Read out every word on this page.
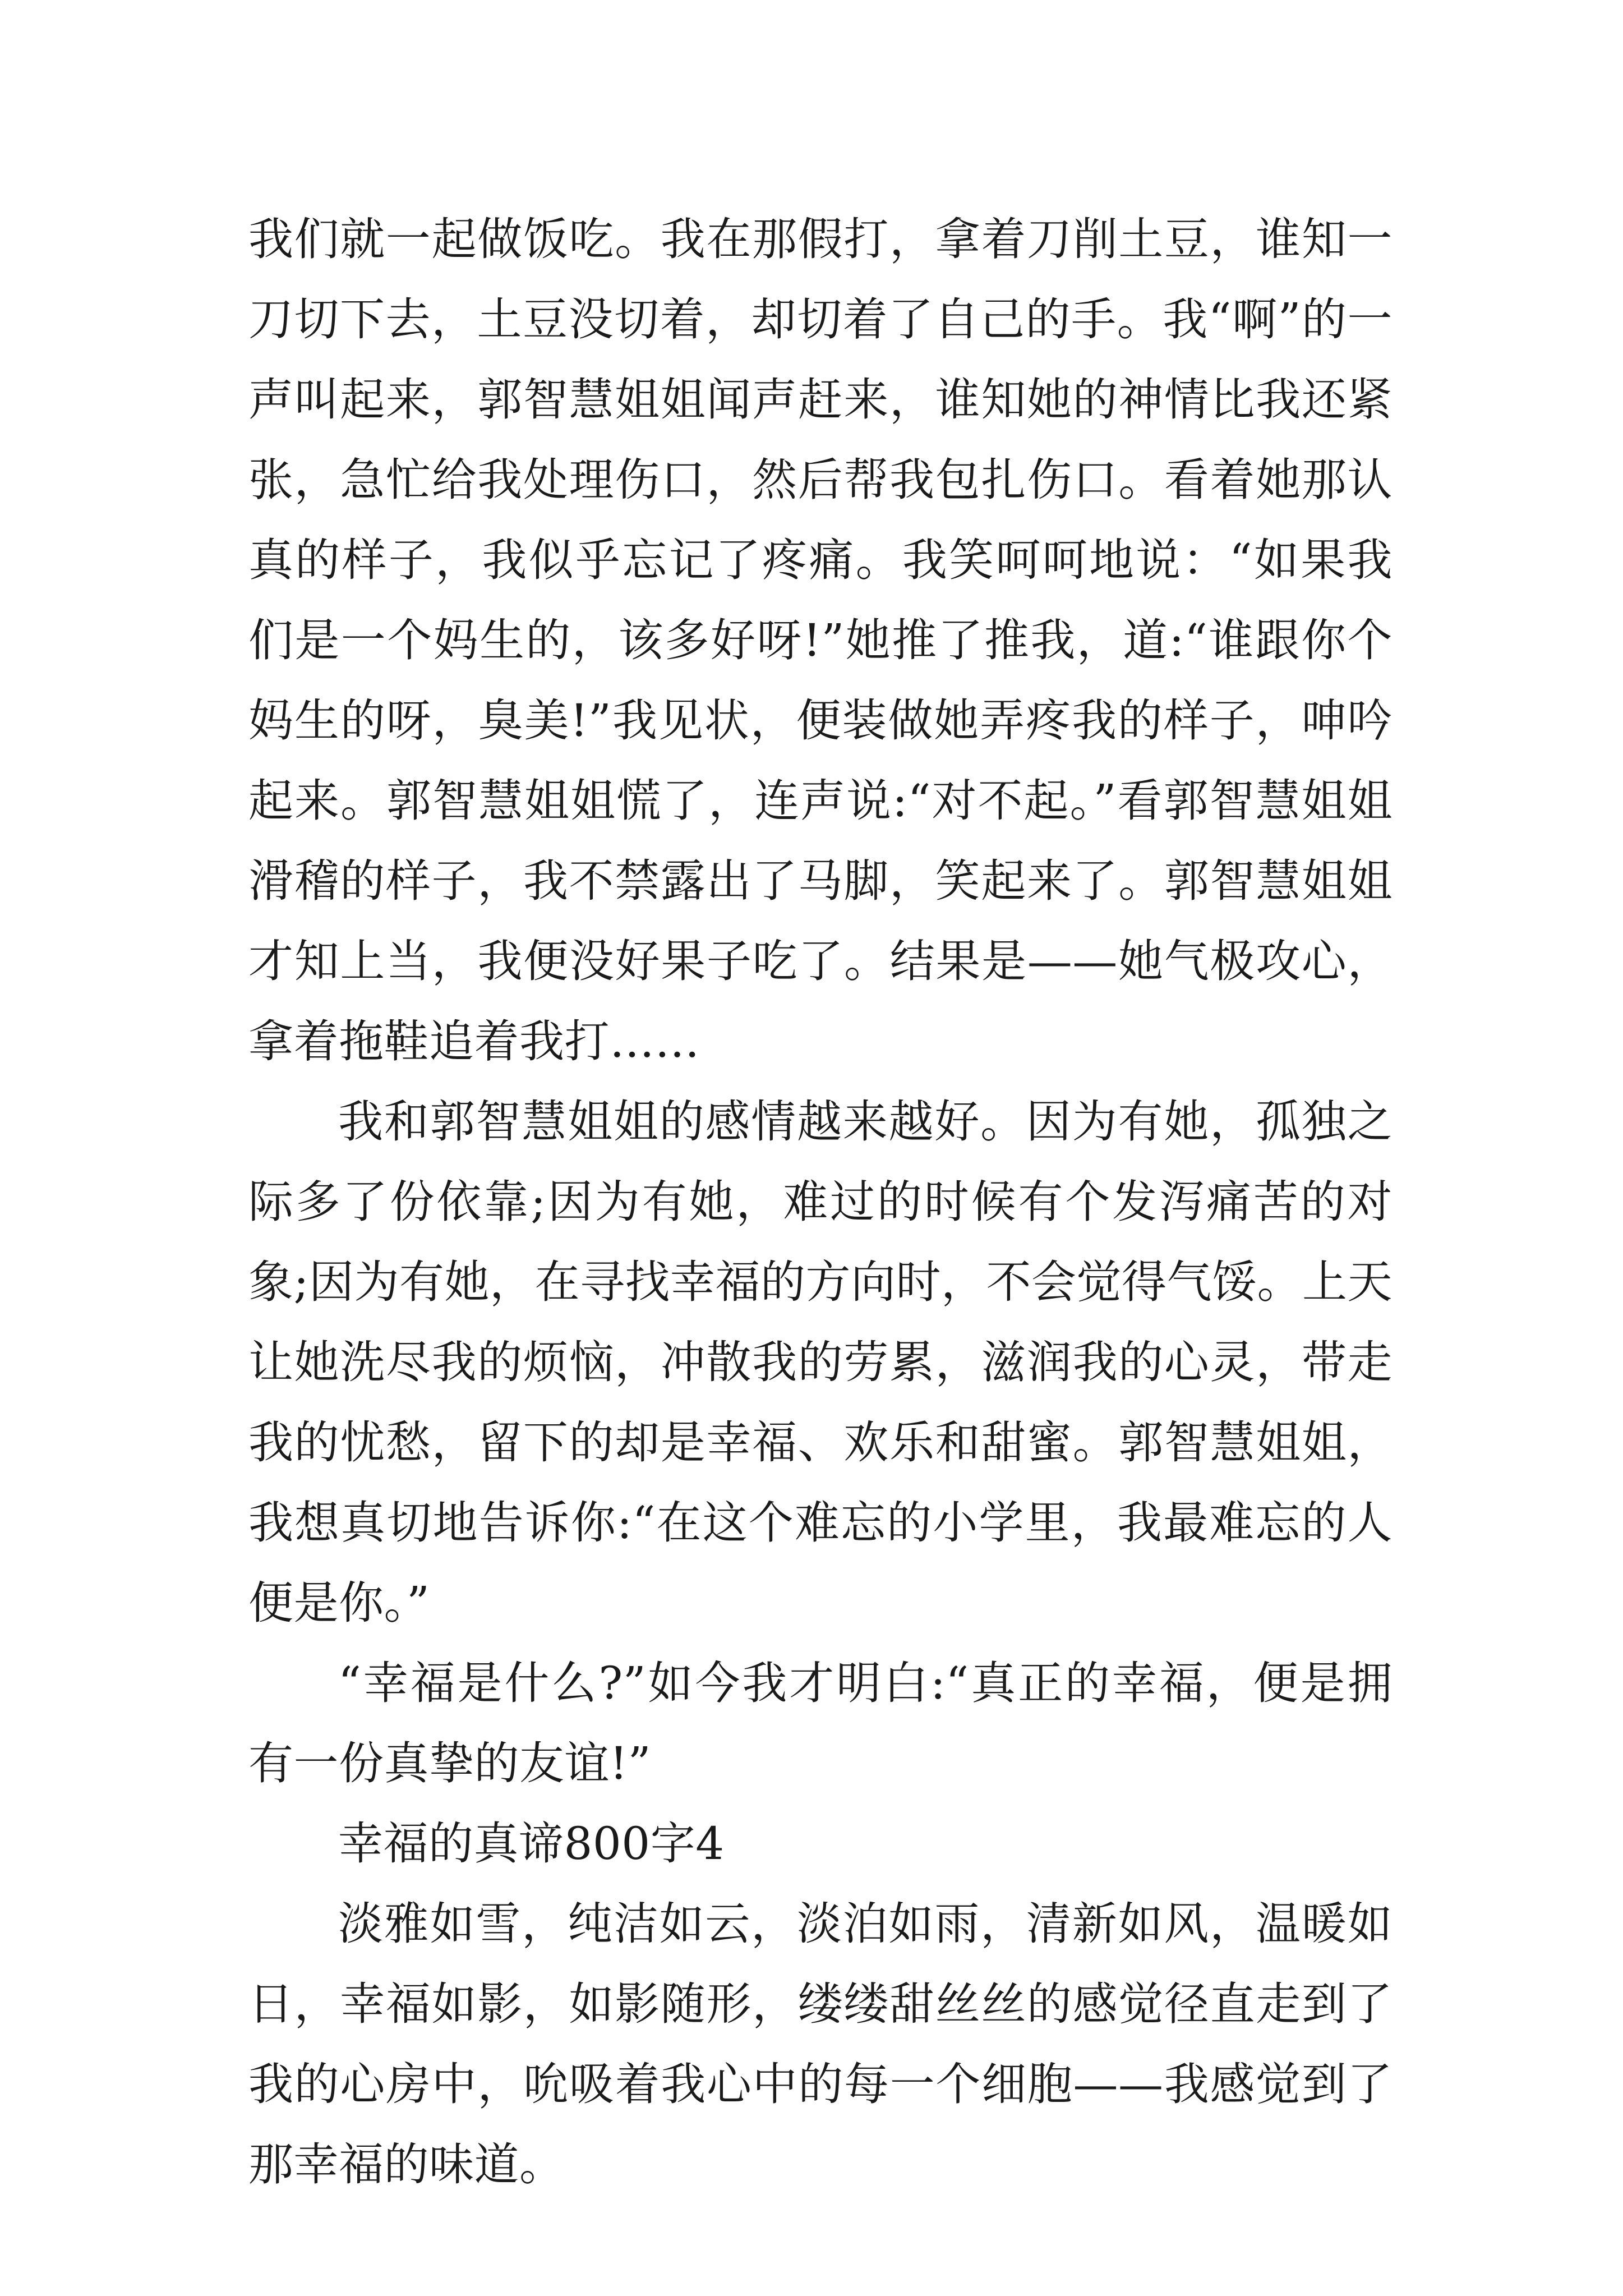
我们就一起做饭吃。我在那假打，拿着刀削土豆，谁知一刀切下去，土豆没切着，却切着了自己的手。我“啊”的一声叫起来，郭智慧姐姐闻声赶来，谁知她的神情比我还紧张，急忙给我处理伤口，然后帮我包扎伤口。看着她那认真的样子，我似乎忘记了疼痛。我笑呵呵地说：“如果我们是一个妈生的，该多好呀!”她推了推我，道:“谁跟你个妈生的呀，臭美!”我见状，便装做她弄疼我的样子，呻吟起来。郭智慧姐姐慌了，连声说:“对不起。”看郭智慧姐姐滑稽的样子，我不禁露出了马脚，笑起来了。郭智慧姐姐才知上当，我便没好果子吃了。结果是——她气极攻心，拿着拖鞋追着我打……

我和郭智慧姐姐的感情越来越好。因为有她，孤独之际多了份依靠;因为有她，难过的时候有个发泻痛苦的对象;因为有她，在寻找幸福的方向时，不会觉得气馁。上天让她洗尽我的烦恼，冲散我的劳累，滋润我的心灵，带走我的忧愁，留下的却是幸福、欢乐和甜蜜。郭智慧姐姐，我想真切地告诉你:“在这个难忘的小学里，我最难忘的人便是你。”

“幸福是什么?”如今我才明白:“真正的幸福，便是拥有一份真挚的友谊!”

幸福的真谛800字4

淡雅如雪，纯洁如云，淡泊如雨，清新如风，温暖如日，幸福如影，如影随形，缕缕甜丝丝的感觉径直走到了我的心房中，吮吸着我心中的每一个细胞——我感觉到了那幸福的味道。
